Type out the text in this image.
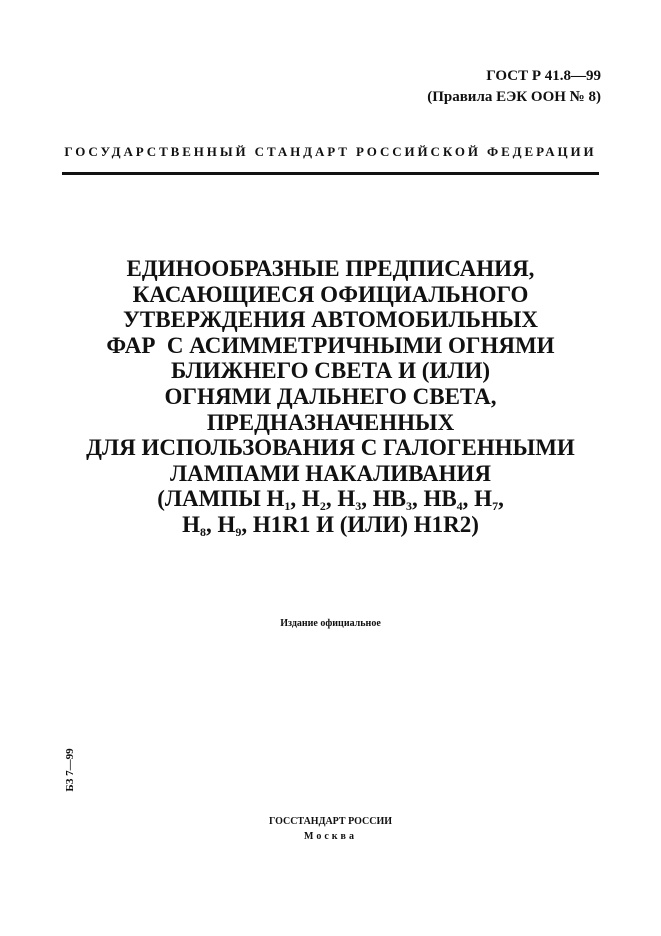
ГОСТ Р 41.8—99
(Правила ЕЭК ООН № 8)
ГОСУДАРСТВЕННЫЙ СТАНДАРТ РОССИЙСКОЙ ФЕДЕРАЦИИ
ЕДИНООБРАЗНЫЕ ПРЕДПИСАНИЯ,
КАСАЮЩИЕСЯ ОФИЦИАЛЬНОГО
УТВЕРЖДЕНИЯ АВТОМОБИЛЬНЫХ
ФАР  С АСИММЕТРИЧНЫМИ ОГНЯМИ
БЛИЖНЕГО СВЕТА И (ИЛИ)
ОГНЯМИ ДАЛЬНЕГО СВЕТА,
ПРЕДНАЗНАЧЕННЫХ
ДЛЯ ИСПОЛЬЗОВАНИЯ С ГАЛОГЕННЫМИ
ЛАМПАМИ НАКАЛИВАНИЯ
(ЛАМПЫ $H_1$, $H_2$, $H_3$, $HB_3$, $HB_4$, $H_7$,
$H_8$, $H_9$, H1R1 И (ИЛИ) H1R2)
Издание официальное
БЗ 7—99
ГОССТАНДАРТ РОССИИ
Москва
